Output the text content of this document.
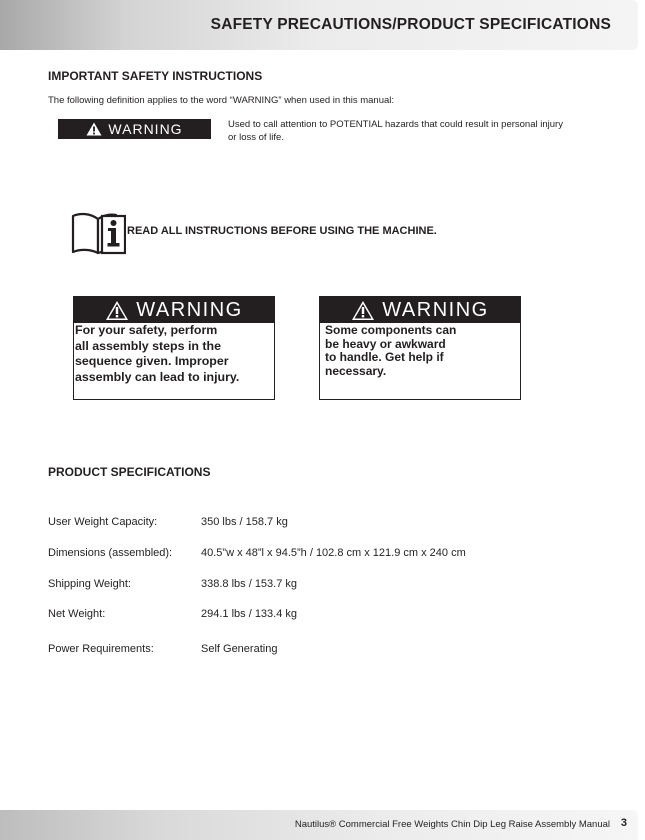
SAFETY PRECAUTIONS/PRODUCT SPECIFICATIONS
IMPORTANT SAFETY INSTRUCTIONS
The following definition applies to the word “WARNING” when used in this manual:
WARNING	Used to call attention to POTENTIAL hazards that could result in personal injury or loss of life.
READ ALL INSTRUCTIONS BEFORE USING THE MACHINE.
WARNING
For your safety, perform
all assembly steps in the
sequence given. Improper
assembly can lead to injury.
WARNING
Some components can
be heavy or awkward
to handle. Get help if
necessary.
PRODUCT SPECIFICATIONS
User Weight Capacity:	350 lbs / 158.7 kg
Dimensions (assembled):	40.5”w x 48”l x 94.5”h / 102.8 cm x 121.9 cm x 240 cm
Shipping Weight:	338.8 lbs / 153.7 kg
Net Weight:	294.1 lbs / 133.4 kg
Power Requirements:	Self Generating
Nautilus® Commercial Free Weights Chin Dip Leg Raise Assembly Manual 3
